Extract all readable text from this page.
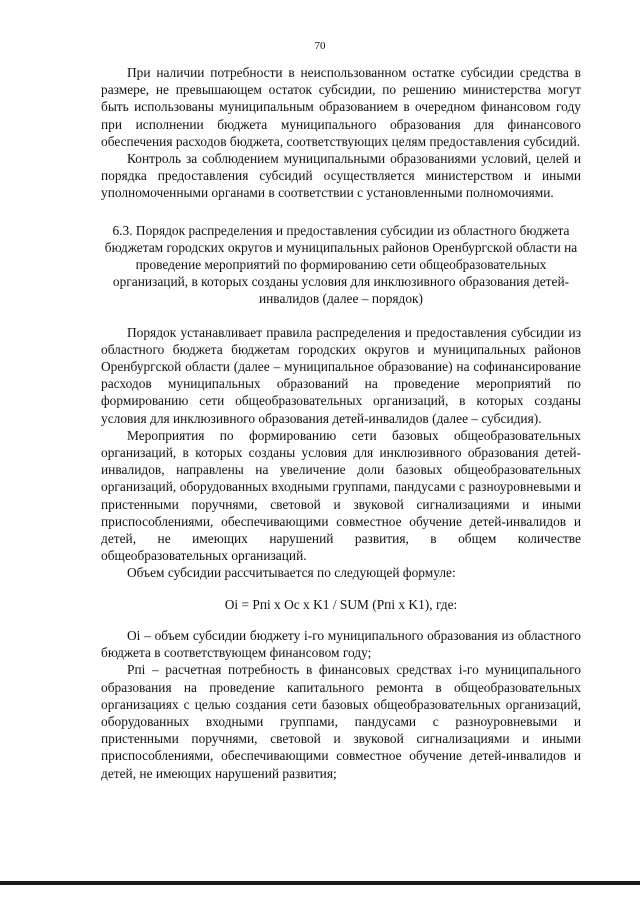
70

При наличии потребности в неиспользованном остатке субсидии средства в размере, не превышающем остаток субсидии, по решению министерства могут быть использованы муниципальным образованием в очередном финансовом году при исполнении бюджета муниципального образования для финансового обеспечения расходов бюджета, соответствующих целям предоставления субсидий.

Контроль за соблюдением муниципальными образованиями условий, целей и порядка предоставления субсидий осуществляется министерством и иными уполномоченными органами в соответствии с установленными полномочиями.

6.3. Порядок распределения и предоставления субсидии из областного бюджета бюджетам городских округов и муниципальных районов Оренбургской области на проведение мероприятий по формированию сети общеобразовательных организаций, в которых созданы условия для инклюзивного образования детей-инвалидов (далее – порядок)

Порядок устанавливает правила распределения и предоставления субсидии из областного бюджета бюджетам городских округов и муниципальных районов Оренбургской области (далее – муниципальное образование) на софинансирование расходов муниципальных образований на проведение мероприятий по формированию сети общеобразовательных организаций, в которых созданы условия для инклюзивного образования детей-инвалидов (далее – субсидия).

Мероприятия по формированию сети базовых общеобразовательных организаций, в которых созданы условия для инклюзивного образования детей-инвалидов, направлены на увеличение доли базовых общеобразовательных организаций, оборудованных входными группами, пандусами с разноуровневыми и пристенными поручнями, световой и звуковой сигнализациями и иными приспособлениями, обеспечивающими совместное обучение детей-инвалидов и детей, не имеющих нарушений развития, в общем количестве общеобразовательных организаций.

Объем субсидии рассчитывается по следующей формуле:

Oi = Pпi x Oc x K1 / SUM (Pпi x K1), где:

Oi – объем субсидии бюджету i-го муниципального образования из областного бюджета в соответствующем финансовом году;

Pпi – расчетная потребность в финансовых средствах i-го муниципального образования на проведение капитального ремонта в общеобразовательных организациях с целью создания сети базовых общеобразовательных организаций, оборудованных входными группами, пандусами с разноуровневыми и пристенными поручнями, световой и звуковой сигнализациями и иными приспособлениями, обеспечивающими совместное обучение детей-инвалидов и детей, не имеющих нарушений развития;
